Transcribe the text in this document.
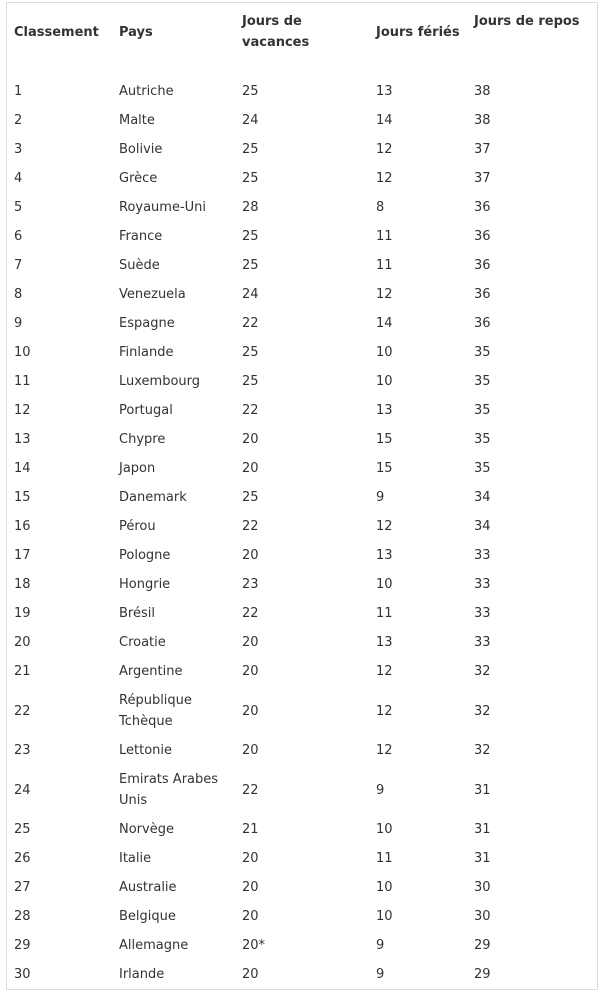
Classement	Pays	Jours de vacances	Jours fériés	Jours de repos
1	Autriche	25	13	38
2	Malte	24	14	38
3	Bolivie	25	12	37
4	Grèce	25	12	37
5	Royaume-Uni	28	8	36
6	France	25	11	36
7	Suède	25	11	36
8	Venezuela	24	12	36
9	Espagne	22	14	36
10	Finlande	25	10	35
11	Luxembourg	25	10	35
12	Portugal	22	13	35
13	Chypre	20	15	35
14	Japon	20	15	35
15	Danemark	25	9	34
16	Pérou	22	12	34
17	Pologne	20	13	33
18	Hongrie	23	10	33
19	Brésil	22	11	33
20	Croatie	20	13	33
21	Argentine	20	12	32
22	République Tchèque	20	12	32
23	Lettonie	20	12	32
24	Emirats Arabes Unis	22	9	31
25	Norvège	21	10	31
26	Italie	20	11	31
27	Australie	20	10	30
28	Belgique	20	10	30
29	Allemagne	20*	9	29
30	Irlande	20	9	29
